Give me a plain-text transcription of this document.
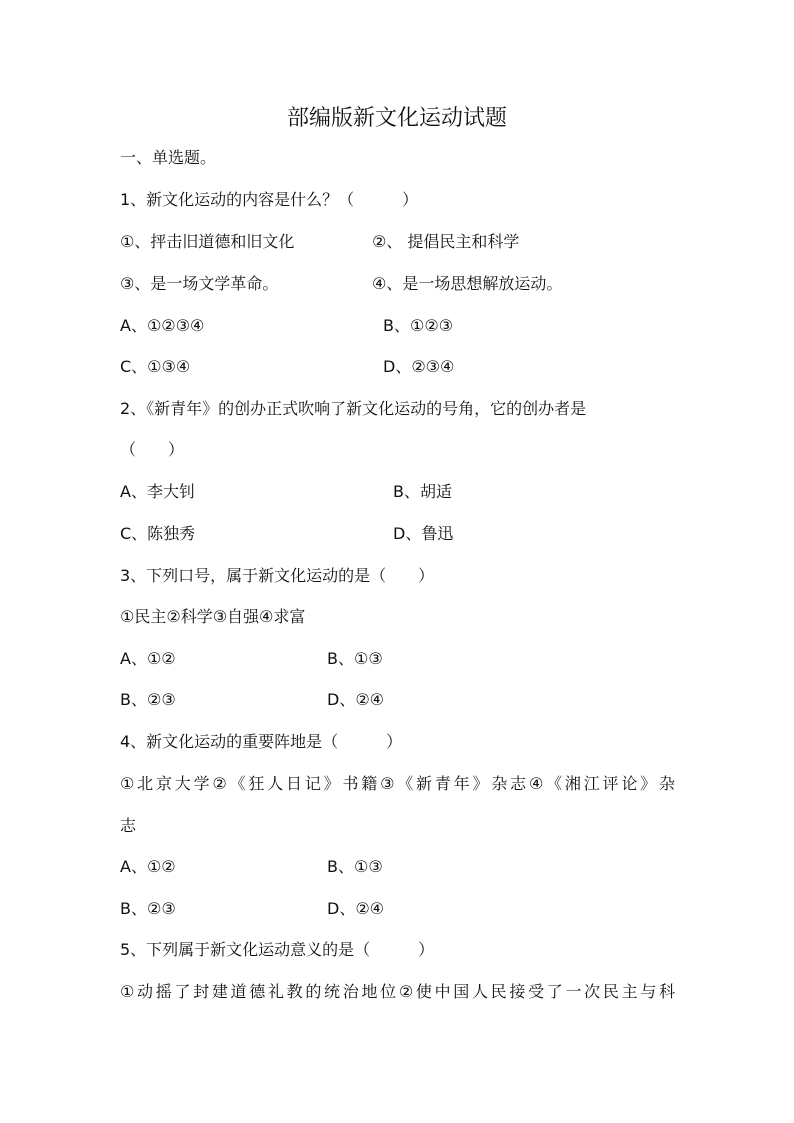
部编版新文化运动试题
一、单选题。
1、新文化运动的内容是什么？（　　　）
①、抨击旧道德和旧文化	②、 提倡民主和科学
③、是一场文学革命。	④、是一场思想解放运动。
A、①②③④	B、①②③
C、①③④	D、②③④
2、《新青年》的创办正式吹响了新文化运动的号角，它的创办者是
（　　）
A、李大钊	B、胡适
C、陈独秀	D、鲁迅
3、下列口号，属于新文化运动的是（　　）
①民主②科学③自强④求富
A、①②	B、①③
B、②③	D、②④
4、新文化运动的重要阵地是（　　　）
①北京大学②《狂人日记》书籍③《新青年》杂志④《湘江评论》杂
志
A、①②	B、①③
B、②③	D、②④
5、下列属于新文化运动意义的是（　　　）
①动摇了封建道德礼教的统治地位②使中国人民接受了一次民主与科
